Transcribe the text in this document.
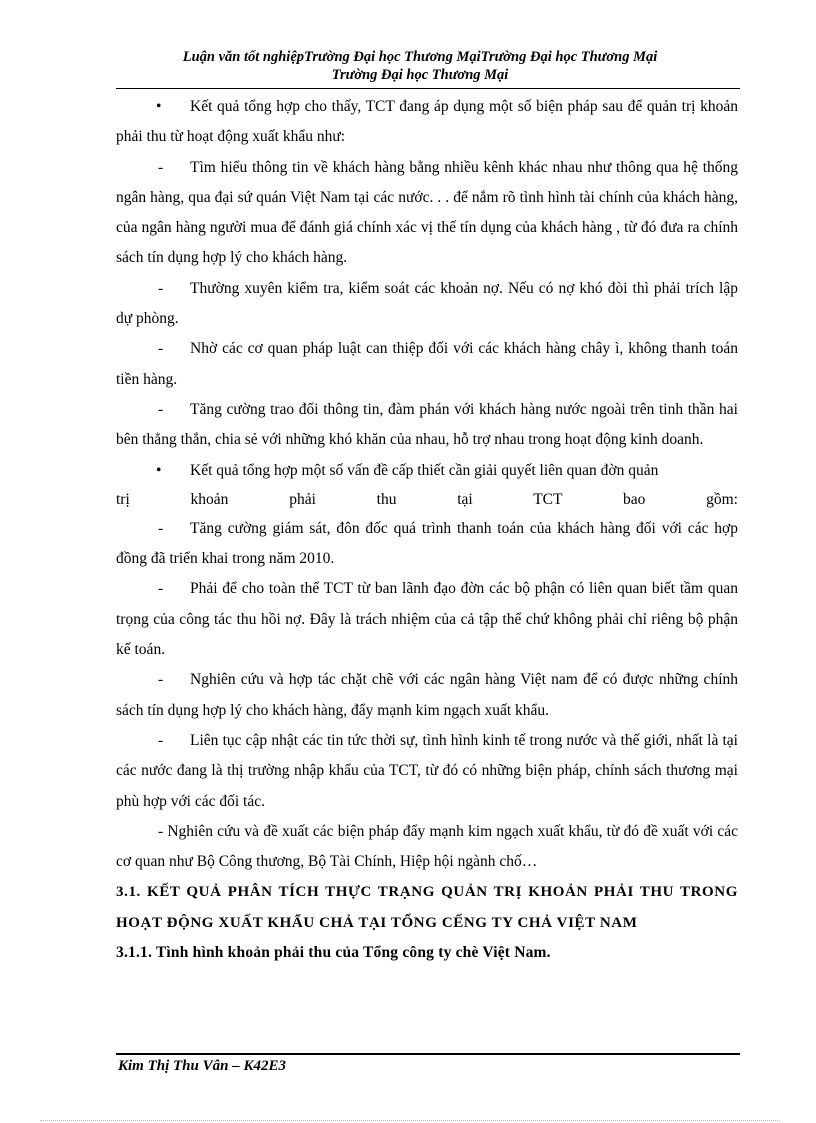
Luận văn tốt nghiệpTrường Đại học Thương MạiTrường Đại học Thương Mại
Trường Đại học Thương Mại

• Kết quả tổng hợp cho thấy, TCT đang áp dụng một số biện pháp sau để quản trị khoản phải thu từ hoạt động xuất khẩu như:

- Tìm hiểu thông tin về khách hàng bằng nhiều kênh khác nhau như thông qua hệ thống ngân hàng, qua đại sứ quán Việt Nam tại các nước. . . để nắm rõ tình hình tài chính của khách hàng, của ngân hàng người mua để đánh giá chính xác vị thế tín dụng của khách hàng , từ đó đưa ra chính sách tín dụng hợp lý cho khách hàng.

- Thường xuyên kiểm tra, kiểm soát các khoản nợ. Nếu có nợ khó đòi thì phải trích lập dự phòng.

- Nhờ các cơ quan pháp luật can thiệp đối với các khách hàng chây ì, không thanh toán tiền hàng.

- Tăng cường trao đổi thông tin, đàm phán với khách hàng nước ngoài trên tinh thần hai bên thẳng thắn, chia sẻ với những khó khăn của nhau, hỗ trợ nhau trong hoạt động kinh doanh.

• Kết quả tổng hợp một số vấn đề cấp thiết cần giải quyết liên quan đờn quản

trị khoản phải thu tại TCT bao gồm:

- Tăng cường giám sát, đôn đốc quá trình thanh toán của khách hàng đối với các hợp đồng đã triển khai trong năm 2010.

- Phải để cho toàn thể TCT từ ban lãnh đạo đờn các bộ phận có liên quan biết tầm quan trọng của công tác thu hồi nợ. Đây là trách nhiệm của cả tập thể chứ không phải chỉ riêng bộ phận kế toán.

- Nghiên cứu và hợp tác chặt chẽ với các ngân hàng Việt nam để có được những chính sách tín dụng hợp lý cho khách hàng, đẩy mạnh kim ngạch xuất khẩu.

- Liên tục cập nhật các tin tức thời sự, tình hình kinh tế trong nước và thế giới, nhất là tại các nước đang là thị trường nhập khẩu của TCT, từ đó có những biện pháp, chính sách thương mại phù hợp với các đối tác.

- Nghiên cứu và đề xuất các biện pháp đẩy mạnh kim ngạch xuất khẩu, từ đó đề xuất với các cơ quan như Bộ Công thương, Bộ Tài Chính, Hiệp hội ngành chố…

3.1. KẾT QUẢ PHÂN TÍCH THỰC TRẠNG QUẢN TRỊ KHOẢN PHẢI THU TRONG HOẠT ĐỘNG XUẤT KHẨU CHẢ TẠI TỔNG CẾNG TY CHẢ VIỆT NAM

3.1.1. Tình hình khoản phải thu của Tổng công ty chè Việt Nam.

Kim Thị Thu Vân – K42E3
